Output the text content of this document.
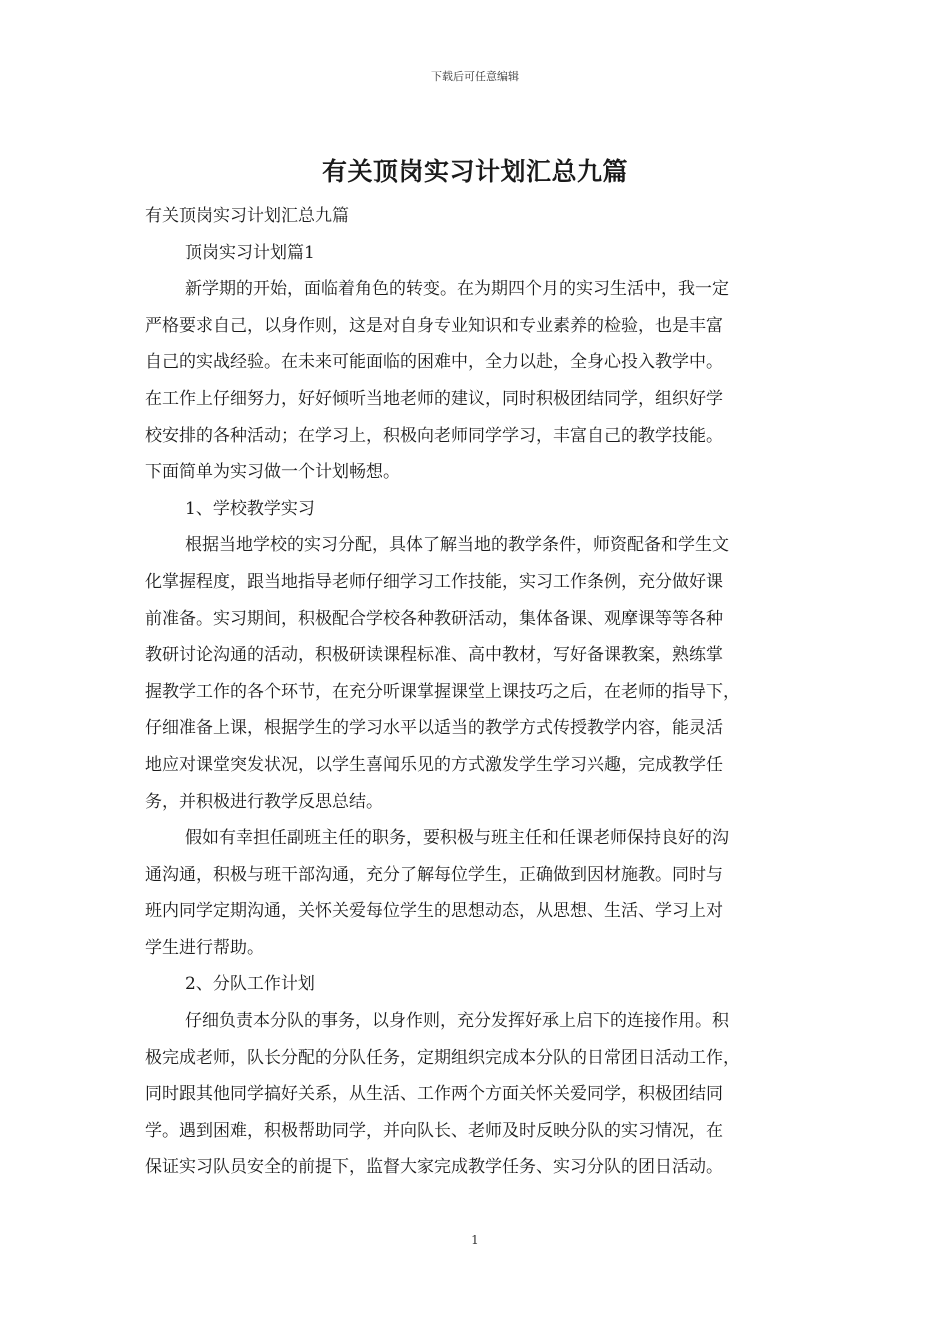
下载后可任意编辑
有关顶岗实习计划汇总九篇
有关顶岗实习计划汇总九篇
顶岗实习计划篇1
新学期的开始，面临着角色的转变。在为期四个月的实习生活中，我一定
严格要求自己，以身作则，这是对自身专业知识和专业素养的检验，也是丰富
自己的实战经验。在未来可能面临的困难中，全力以赴，全身心投入教学中。
在工作上仔细努力，好好倾听当地老师的建议，同时积极团结同学，组织好学
校安排的各种活动；在学习上，积极向老师同学学习，丰富自己的教学技能。
下面简单为实习做一个计划畅想。
1、学校教学实习
根据当地学校的实习分配，具体了解当地的教学条件，师资配备和学生文
化掌握程度，跟当地指导老师仔细学习工作技能，实习工作条例，充分做好课
前准备。实习期间，积极配合学校各种教研活动，集体备课、观摩课等等各种
教研讨论沟通的活动，积极研读课程标准、高中教材，写好备课教案，熟练掌
握教学工作的各个环节，在充分听课掌握课堂上课技巧之后，在老师的指导下，
仔细准备上课，根据学生的学习水平以适当的教学方式传授教学内容，能灵活
地应对课堂突发状况，以学生喜闻乐见的方式激发学生学习兴趣，完成教学任
务，并积极进行教学反思总结。
假如有幸担任副班主任的职务，要积极与班主任和任课老师保持良好的沟
通沟通，积极与班干部沟通，充分了解每位学生，正确做到因材施教。同时与
班内同学定期沟通，关怀关爱每位学生的思想动态，从思想、生活、学习上对
学生进行帮助。
2、分队工作计划
仔细负责本分队的事务，以身作则，充分发挥好承上启下的连接作用。积
极完成老师，队长分配的分队任务，定期组织完成本分队的日常团日活动工作，
同时跟其他同学搞好关系，从生活、工作两个方面关怀关爱同学，积极团结同
学。遇到困难，积极帮助同学，并向队长、老师及时反映分队的实习情况，在
保证实习队员安全的前提下，监督大家完成教学任务、实习分队的团日活动。
1
